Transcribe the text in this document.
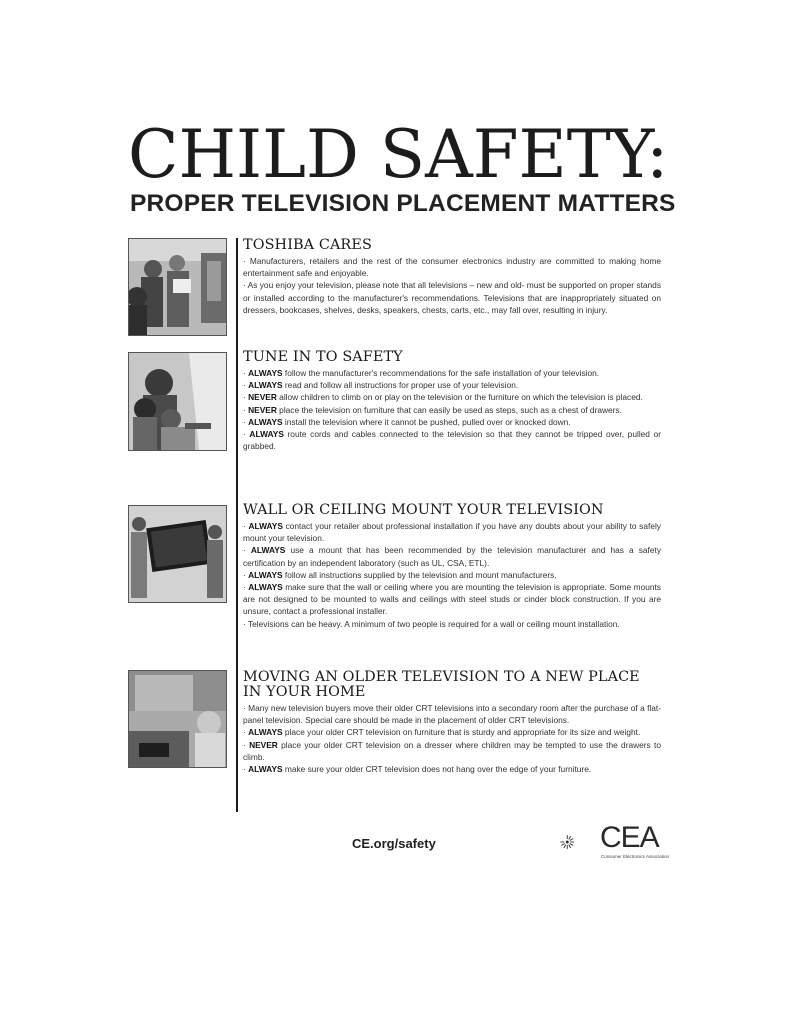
CHILD SAFETY:
PROPER TELEVISION PLACEMENT MATTERS
TOSHIBA CARES
· Manufacturers, retailers and the rest of the consumer electronics industry are committed to making home entertainment safe and enjoyable.
· As you enjoy your television, please note that all televisions – new and old- must be supported on proper stands or installed according to the manufacturer's recommendations. Televisions that are inappropriately situated on dressers, bookcases, shelves, desks, speakers, chests, carts, etc., may fall over, resulting in injury.
TUNE IN TO SAFETY
· ALWAYS follow the manufacturer's recommendations for the safe installation of your television.
· ALWAYS read and follow all instructions for proper use of your television.
· NEVER allow children to climb on or play on the television or the furniture on which the television is placed.
· NEVER place the television on furniture that can easily be used as steps, such as a chest of drawers.
· ALWAYS install the television where it cannot be pushed, pulled over or knocked down.
· ALWAYS route cords and cables connected to the television so that they cannot be tripped over, pulled or grabbed.
WALL OR CEILING MOUNT YOUR TELEVISION
· ALWAYS contact your retailer about professional installation if you have any doubts about your ability to safely mount your television.
· ALWAYS use a mount that has been recommended by the television manufacturer and has a safety certification by an independent laboratory (such as UL, CSA, ETL).
· ALWAYS follow all instructions supplied by the television and mount manufacturers.
· ALWAYS make sure that the wall or ceiling where you are mounting the television is appropriate. Some mounts are not designed to be mounted to walls and ceilings with steel studs or cinder block construction. If you are unsure, contact a professional installer.
· Televisions can be heavy. A minimum of two people is required for a wall or ceiling mount installation.
MOVING AN OLDER TELEVISION TO A NEW PLACE IN YOUR HOME
· Many new television buyers move their older CRT televisions into a secondary room after the purchase of a flat-panel television. Special care should be made in the placement of older CRT televisions.
· ALWAYS place your older CRT television on furniture that is sturdy and appropriate for its size and weight.
· NEVER place your older CRT television on a dresser where children may be tempted to use the drawers to climb.
· ALWAYS make sure your older CRT television does not hang over the edge of your furniture.

CE.org/safety	CEA
Consumer Electronics Association
